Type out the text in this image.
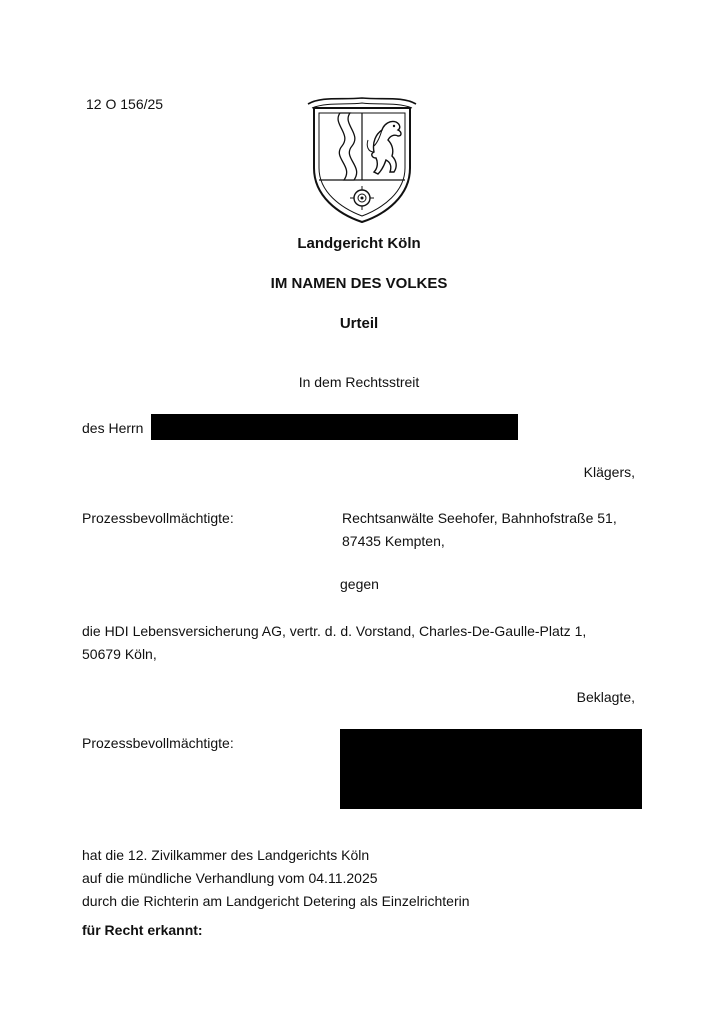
12 O 156/25
Landgericht Köln
IM NAMEN DES VOLKES
Urteil
In dem Rechtsstreit
des Herrn
Klägers,
Prozessbevollmächtigte:	Rechtsanwälte Seehofer, Bahnhofstraße 51,
87435 Kempten,
gegen
die HDI Lebensversicherung AG, vertr. d. d. Vorstand, Charles-De-Gaulle-Platz 1,
50679 Köln,
Beklagte,
Prozessbevollmächtigte:
hat die 12. Zivilkammer des Landgerichts Köln
auf die mündliche Verhandlung vom 04.11.2025
durch die Richterin am Landgericht Detering als Einzelrichterin
für Recht erkannt:
